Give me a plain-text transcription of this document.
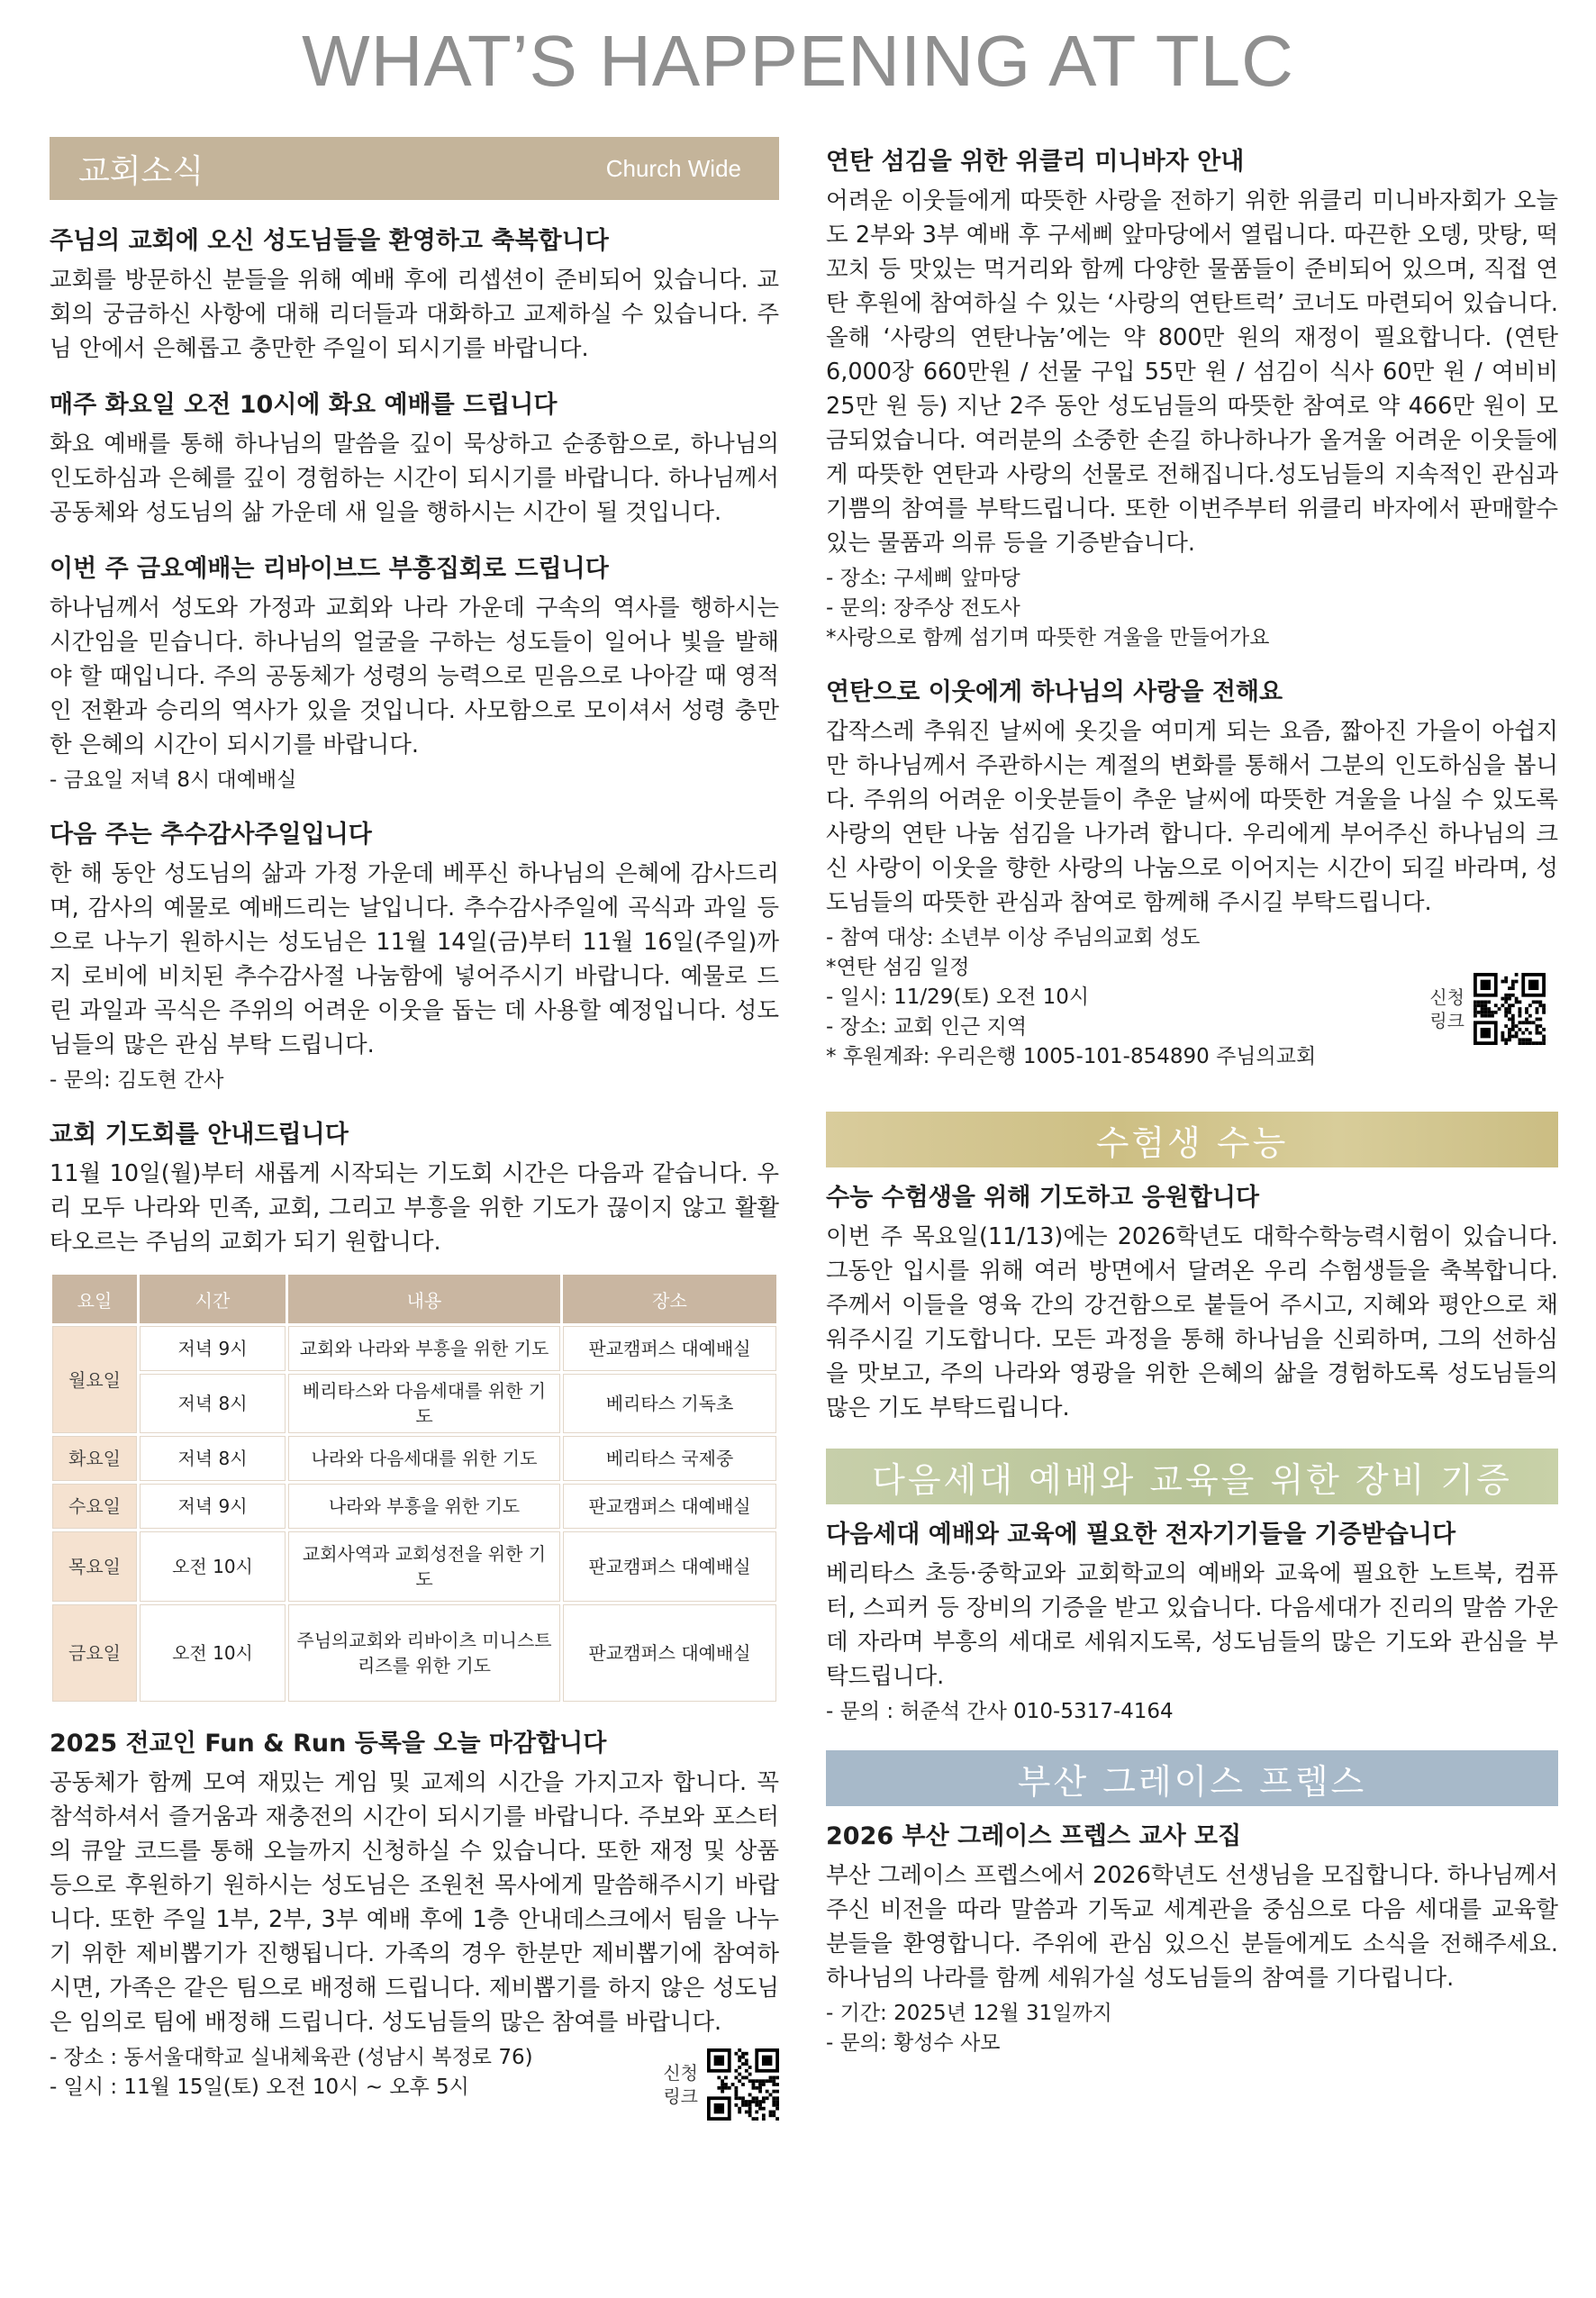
WHAT’S HAPPENING AT TLC
교회소식	Church Wide
주님의 교회에 오신 성도님들을 환영하고 축복합니다

교회를 방문하신 분들을 위해 예배 후에 리셉션이 준비되어 있습니다. 교회의 궁금하신 사항에 대해 리더들과 대화하고 교제하실 수 있습니다. 주님 안에서 은혜롭고 충만한 주일이 되시기를 바랍니다.

매주 화요일 오전 10시에 화요 예배를 드립니다

화요 예배를 통해 하나님의 말씀을 깊이 묵상하고 순종함으로, 하나님의 인도하심과 은혜를 깊이 경험하는 시간이 되시기를 바랍니다. 하나님께서 공동체와 성도님의 삶 가운데 새 일을 행하시는 시간이 될 것입니다.

이번 주 금요예배는 리바이브드 부흥집회로 드립니다

하나님께서 성도와 가정과 교회와 나라 가운데 구속의 역사를 행하시는 시간임을 믿습니다. 하나님의 얼굴을 구하는 성도들이 일어나 빛을 발해야 할 때입니다. 주의 공동체가 성령의 능력으로 믿음으로 나아갈 때 영적인 전환과 승리의 역사가 있을 것입니다. 사모함으로 모이셔서 성령 충만한 은혜의 시간이 되시기를 바랍니다.

- 금요일 저녁 8시 대예배실

다음 주는 추수감사주일입니다

한 해 동안 성도님의 삶과 가정 가운데 베푸신 하나님의 은혜에 감사드리며, 감사의 예물로 예배드리는 날입니다. 추수감사주일에 곡식과 과일 등으로 나누기 원하시는 성도님은 11월 14일(금)부터 11월 16일(주일)까지 로비에 비치된 추수감사절 나눔함에 넣어주시기 바랍니다. 예물로 드린 과일과 곡식은 주위의 어려운 이웃을 돕는 데 사용할 예정입니다. 성도님들의 많은 관심 부탁 드립니다.

- 문의: 김도현 간사

교회 기도회를 안내드립니다

11월 10일(월)부터 새롭게 시작되는 기도회 시간은 다음과 같습니다. 우리 모두 나라와 민족, 교회, 그리고 부흥을 위한 기도가 끊이지 않고 활활 타오르는 주님의 교회가 되기 원합니다.

요일	시간	내용	장소
월요일	저녁 9시	교회와 나라와 부흥을 위한 기도	판교캠퍼스 대예배실
	저녁 8시	베리타스와 다음세대를 위한 기도	베리타스 기독초
화요일	저녁 8시	나라와 다음세대를 위한 기도	베리타스 국제중
수요일	저녁 9시	나라와 부흥을 위한 기도	판교캠퍼스 대예배실
목요일	오전 10시	교회사역과 교회성전을 위한 기도	판교캠퍼스 대예배실
금요일	오전 10시	주님의교회와 리바이츠 미니스트리즈를 위한 기도	판교캠퍼스 대예배실
2025 전교인 Fun & Run 등록을 오늘 마감합니다

공동체가 함께 모여 재밌는 게임 및 교제의 시간을 가지고자 합니다. 꼭 참석하셔서 즐거움과 재충전의 시간이 되시기를 바랍니다. 주보와 포스터의 큐알 코드를 통해 오늘까지 신청하실 수 있습니다. 또한 재정 및 상품 등으로 후원하기 원하시는 성도님은 조원천 목사에게 말씀해주시기 바랍니다. 또한 주일 1부, 2부, 3부 예배 후에 1층 안내데스크에서 팀을 나누기 위한 제비뽑기가 진행됩니다. 가족의 경우 한분만 제비뽑기에 참여하시면, 가족은 같은 팀으로 배정해 드립니다. 제비뽑기를 하지 않은 성도님은 임의로 팀에 배정해 드립니다. 성도님들의 많은 참여를 바랍니다.

- 장소 : 동서울대학교 실내체육관 (성남시 복정로 76)

- 일시 : 11월 15일(토) 오전 10시 ~ 오후 5시

신청
링크
연탄 섬김을 위한 위클리 미니바자 안내

어려운 이웃들에게 따뜻한 사랑을 전하기 위한 위클리 미니바자회가 오늘도 2부와 3부 예배 후 구세삐 앞마당에서 열립니다. 따끈한 오뎅, 맛탕, 떡꼬치 등 맛있는 먹거리와 함께 다양한 물품들이 준비되어 있으며, 직접 연탄 후원에 참여하실 수 있는 ‘사랑의 연탄트럭’ 코너도 마련되어 있습니다. 올해 ‘사랑의 연탄나눔’에는 약 800만 원의 재정이 필요합니다. (연탄 6,000장 660만원 / 선물 구입 55만 원 / 섬김이 식사 60만 원 / 여비비 25만 원 등) 지난 2주 동안 성도님들의 따뜻한 참여로 약 466만 원이 모금되었습니다. 여러분의 소중한 손길 하나하나가 올겨울 어려운 이웃들에게 따뜻한 연탄과 사랑의 선물로 전해집니다.성도님들의 지속적인 관심과 기쁨의 참여를 부탁드립니다. 또한 이번주부터 위클리 바자에서 판매할수 있는 물품과 의류 등을 기증받습니다.

- 장소: 구세삐 앞마당

- 문의: 장주상 전도사

*사랑으로 함께 섬기며 따뜻한 겨울을 만들어가요

연탄으로 이웃에게 하나님의 사랑을 전해요

갑작스레 추워진 날씨에 옷깃을 여미게 되는 요즘, 짧아진 가을이 아쉽지만 하나님께서 주관하시는 계절의 변화를 통해서 그분의 인도하심을 봅니다. 주위의 어려운 이웃분들이 추운 날씨에 따뜻한 겨울을 나실 수 있도록 사랑의 연탄 나눔 섬김을 나가려 합니다. 우리에게 부어주신 하나님의 크신 사랑이 이웃을 향한 사랑의 나눔으로 이어지는 시간이 되길 바라며, 성도님들의 따뜻한 관심과 참여로 함께해 주시길 부탁드립니다.

- 참여 대상: 소년부 이상 주님의교회 성도

*연탄 섬김 일정

- 일시: 11/29(토) 오전 10시

- 장소: 교회 인근 지역

* 후원계좌: 우리은행 1005-101-854890 주님의교회

신청
링크
수험생 수능
수능 수험생을 위해 기도하고 응원합니다

이번 주 목요일(11/13)에는 2026학년도 대학수학능력시험이 있습니다. 그동안 입시를 위해 여러 방면에서 달려온 우리 수험생들을 축복합니다. 주께서 이들을 영육 간의 강건함으로 붙들어 주시고, 지혜와 평안으로 채워주시길 기도합니다. 모든 과정을 통해 하나님을 신뢰하며, 그의 선하심을 맛보고, 주의 나라와 영광을 위한 은혜의 삶을 경험하도록 성도님들의 많은 기도 부탁드립니다.

다음세대 예배와 교육을 위한 장비 기증
다음세대 예배와 교육에 필요한 전자기기들을 기증받습니다

베리타스 초등·중학교와 교회학교의 예배와 교육에 필요한 노트북, 컴퓨터, 스피커 등 장비의 기증을 받고 있습니다. 다음세대가 진리의 말씀 가운데 자라며 부흥의 세대로 세워지도록, 성도님들의 많은 기도와 관심을 부탁드립니다.

- 문의 : 허준석 간사 010-5317-4164

부산 그레이스 프렙스
2026 부산 그레이스 프렙스 교사 모집

부산 그레이스 프렙스에서 2026학년도 선생님을 모집합니다. 하나님께서 주신 비전을 따라 말씀과 기독교 세계관을 중심으로 다음 세대를 교육할 분들을 환영합니다. 주위에 관심 있으신 분들에게도 소식을 전해주세요. 하나님의 나라를 함께 세워가실 성도님들의 참여를 기다립니다.

- 기간: 2025년 12월 31일까지

- 문의: 황성수 사모
